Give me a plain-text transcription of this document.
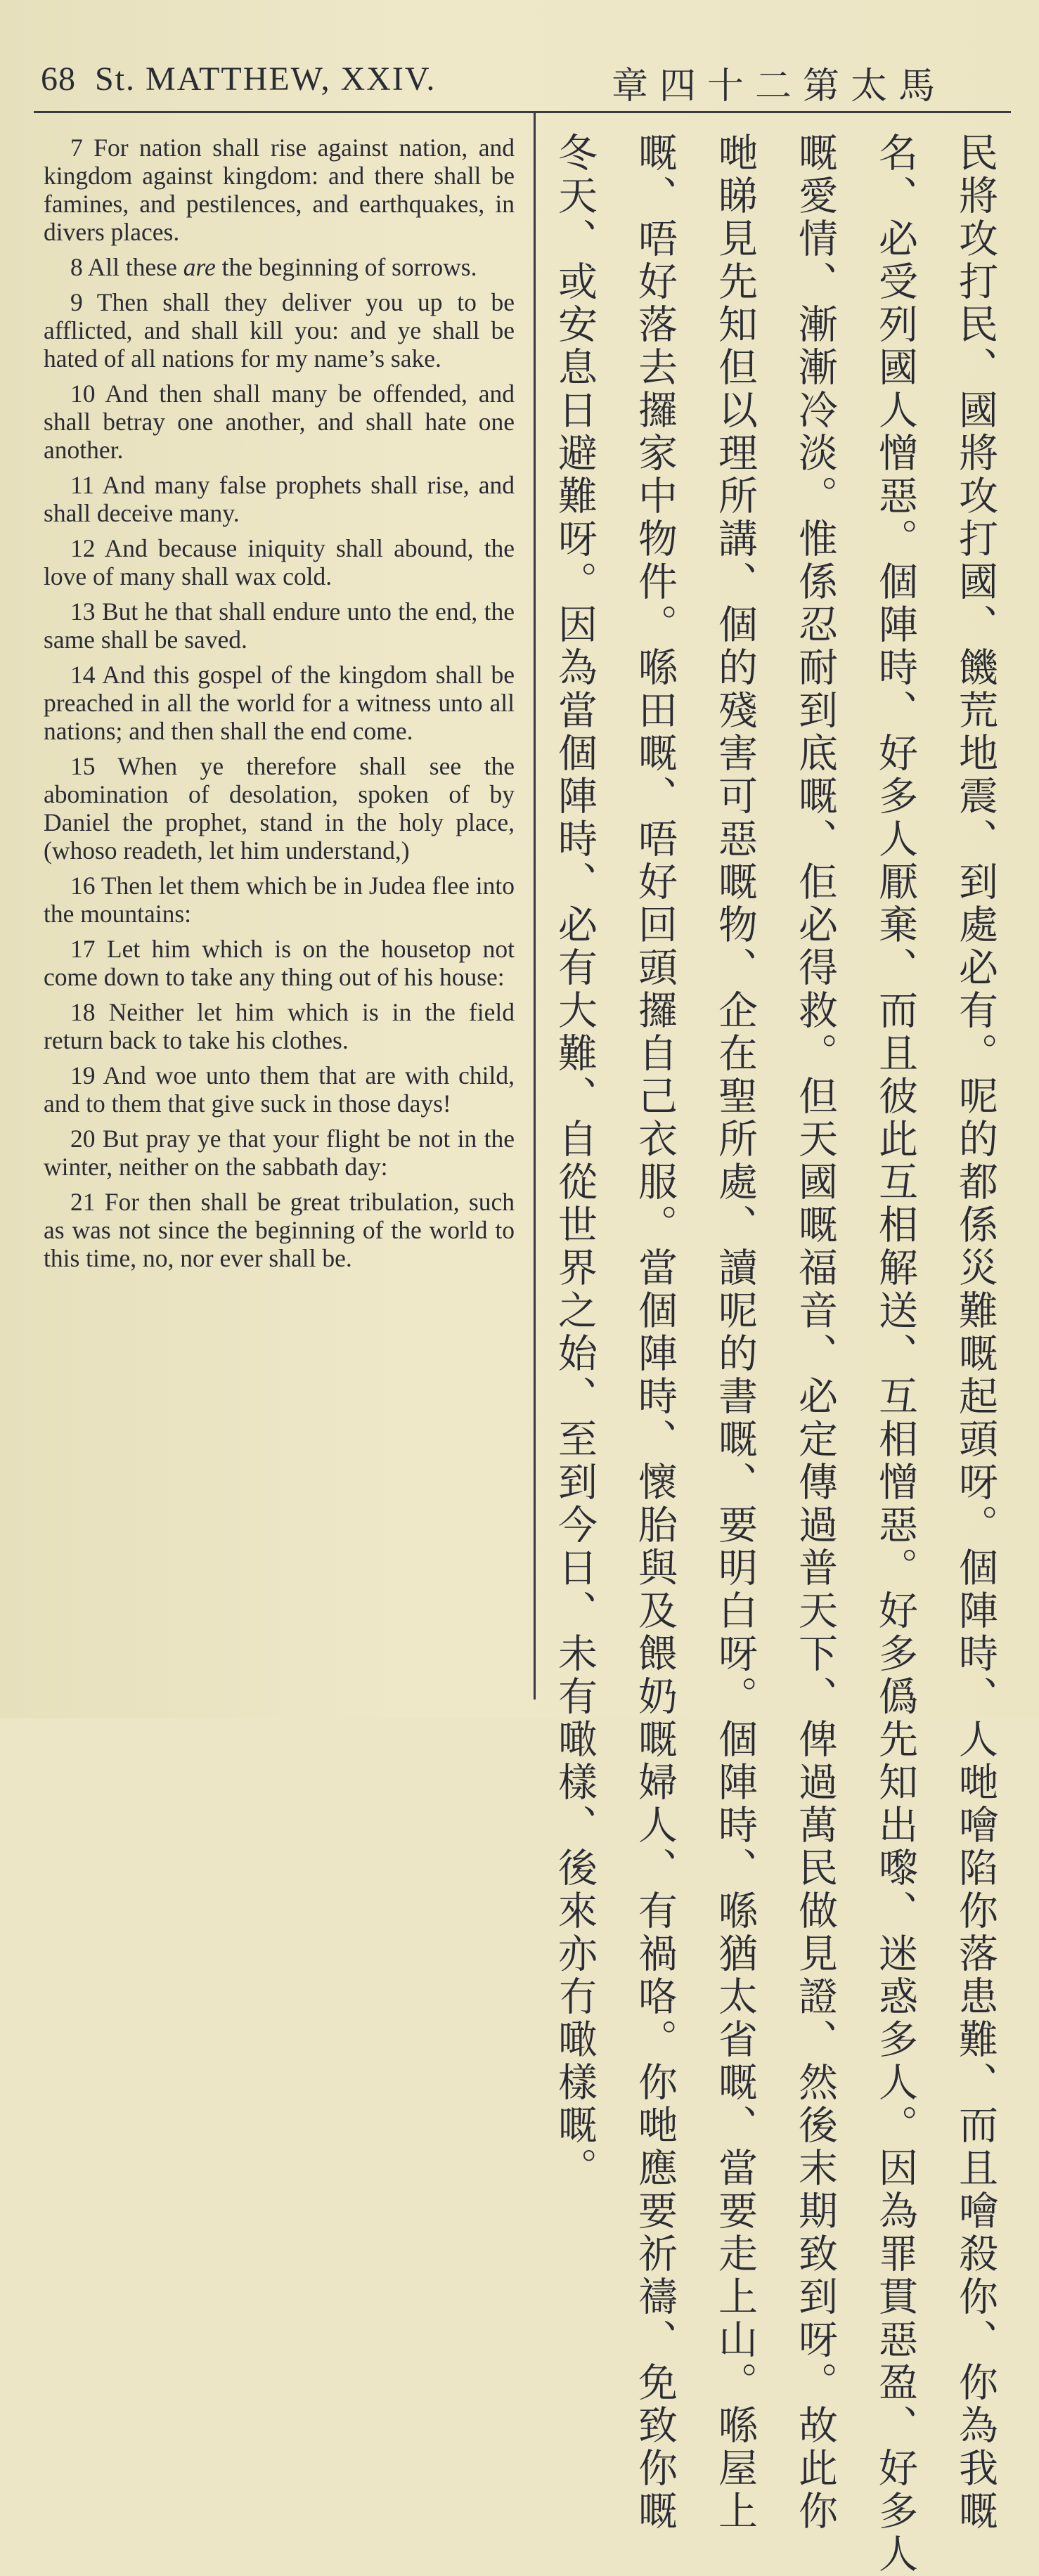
68 St. MATTHEW, XXIV.	章四十二第太馬

7 For nation shall rise against nation, and kingdom against kingdom: and there shall be famines, and pestilences, and earthquakes, in divers places.

8 All these are the beginning of sorrows.

9 Then shall they deliver you up to be afflicted, and shall kill you: and ye shall be hated of all nations for my name’s sake.

10 And then shall many be offended, and shall betray one another, and shall hate one another.

11 And many false prophets shall rise, and shall deceive many.

12 And because iniquity shall abound, the love of many shall wax cold.

13 But he that shall endure unto the end, the same shall be saved.

14 And this gospel of the kingdom shall be preached in all the world for a witness unto all nations; and then shall the end come.

15 When ye therefore shall see the abomination of desolation, spoken of by Daniel the prophet, stand in the holy place, (whoso readeth, let him understand,)

16 Then let them which be in Judea flee into the mountains:

17 Let him which is on the housetop not come down to take any thing out of his house:

18 Neither let him which is in the field return back to take his clothes.

19 And woe unto them that are with child, and to them that give suck in those days!

20 But pray ye that your flight be not in the winter, neither on the sabbath day:

21 For then shall be great tribulation, such as was not since the beginning of the world to this time, no, nor ever shall be.	民將攻打民、國將攻打國、饑荒地震、到處必有。呢的都係災難嘅起頭呀。個陣時、人哋噲陷你落患難、而且噲殺你、你為我嘅
名、必受列國人憎惡。個陣時、好多人厭棄、而且彼此互相解送、互相憎惡。好多僞先知出嚟、迷惑多人。因為罪貫惡盈、好多人
嘅愛情、漸漸冷淡。惟係忍耐到底嘅、佢必得救。但天國嘅福音、必定傳過普天下、俾過萬民做見證、然後末期致到呀。故此你
哋睇見先知但以理所講、個的殘害可惡嘅物、企在聖所處、讀呢的書嘅、要明白呀。個陣時、喺猶太省嘅、當要走上山。喺屋上
嘅、唔好落去攞家中物件。喺田嘅、唔好回頭攞自己衣服。當個陣時、懷胎與及餵奶嘅婦人、有禍咯。你哋應要祈禱、免致你嘅
冬天、或安息日避難呀。因為當個陣時、必有大難、自從世界之始、至到今日、未有噉樣、後來亦冇噉樣嘅。
